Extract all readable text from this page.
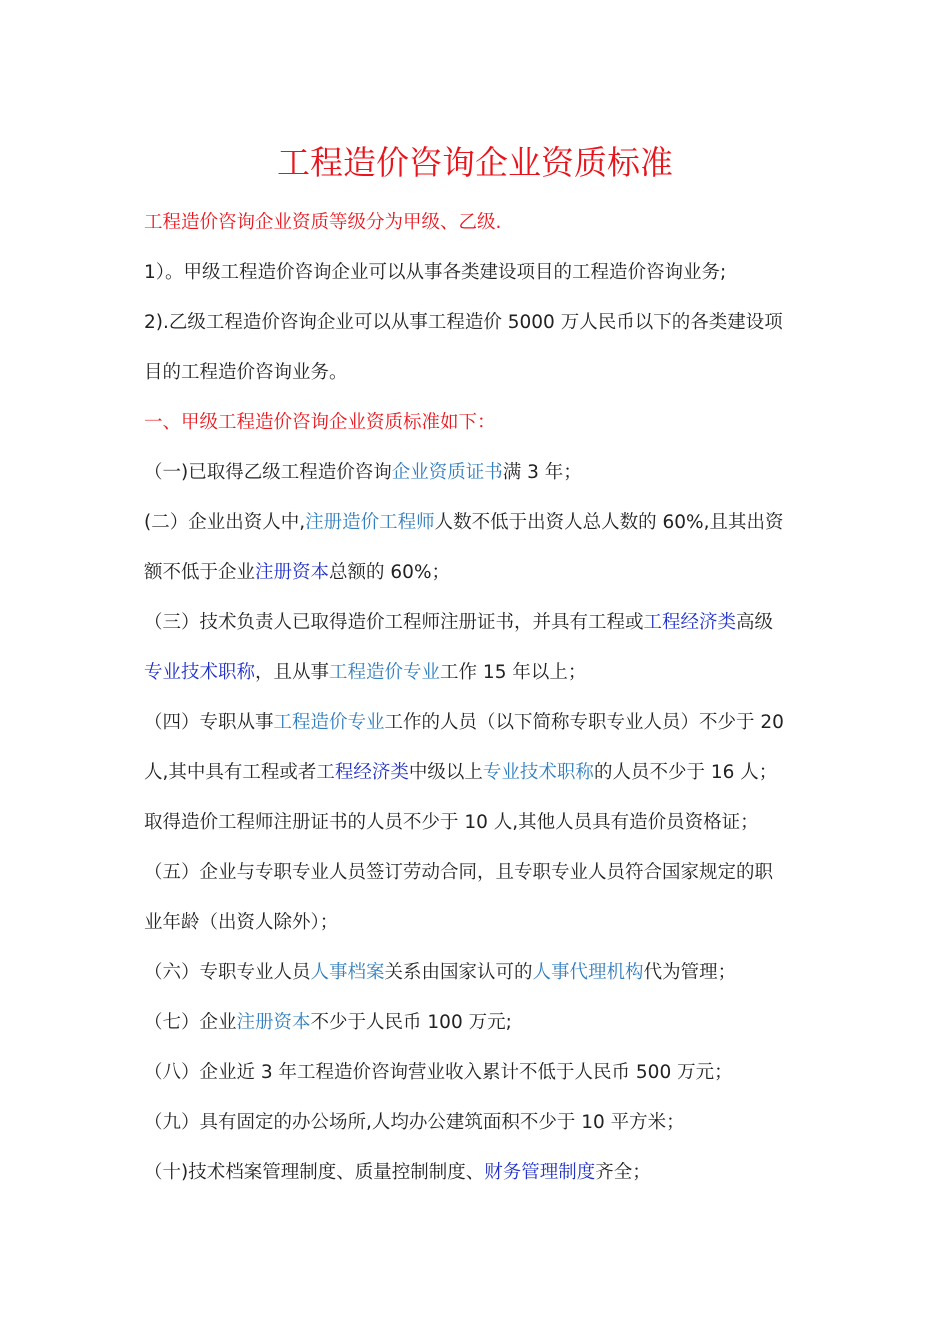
工程造价咨询企业资质标准
工程造价咨询企业资质等级分为甲级、乙级.
1）。甲级工程造价咨询企业可以从事各类建设项目的工程造价咨询业务;
2).乙级工程造价咨询企业可以从事工程造价 5000 万人民币以下的各类建设项
目的工程造价咨询业务。
一、甲级工程造价咨询企业资质标准如下：
（一)已取得乙级工程造价咨询企业资质证书满 3 年；
(二）企业出资人中,注册造价工程师人数不低于出资人总人数的 60%,且其出资
额不低于企业注册资本总额的 60%；
（三）技术负责人已取得造价工程师注册证书，并具有工程或工程经济类高级
专业技术职称，且从事工程造价专业工作 15 年以上；
（四）专职从事工程造价专业工作的人员（以下简称专职专业人员）不少于 20
人,其中具有工程或者工程经济类中级以上专业技术职称的人员不少于 16 人；
取得造价工程师注册证书的人员不少于 10 人,其他人员具有造价员资格证；
（五）企业与专职专业人员签订劳动合同，且专职专业人员符合国家规定的职
业年龄（出资人除外）；
（六）专职专业人员人事档案关系由国家认可的人事代理机构代为管理；
（七）企业注册资本不少于人民币 100 万元;
（八）企业近 3 年工程造价咨询营业收入累计不低于人民币 500 万元；
（九）具有固定的办公场所,人均办公建筑面积不少于 10 平方米；
（十)技术档案管理制度、质量控制制度、财务管理制度齐全；
